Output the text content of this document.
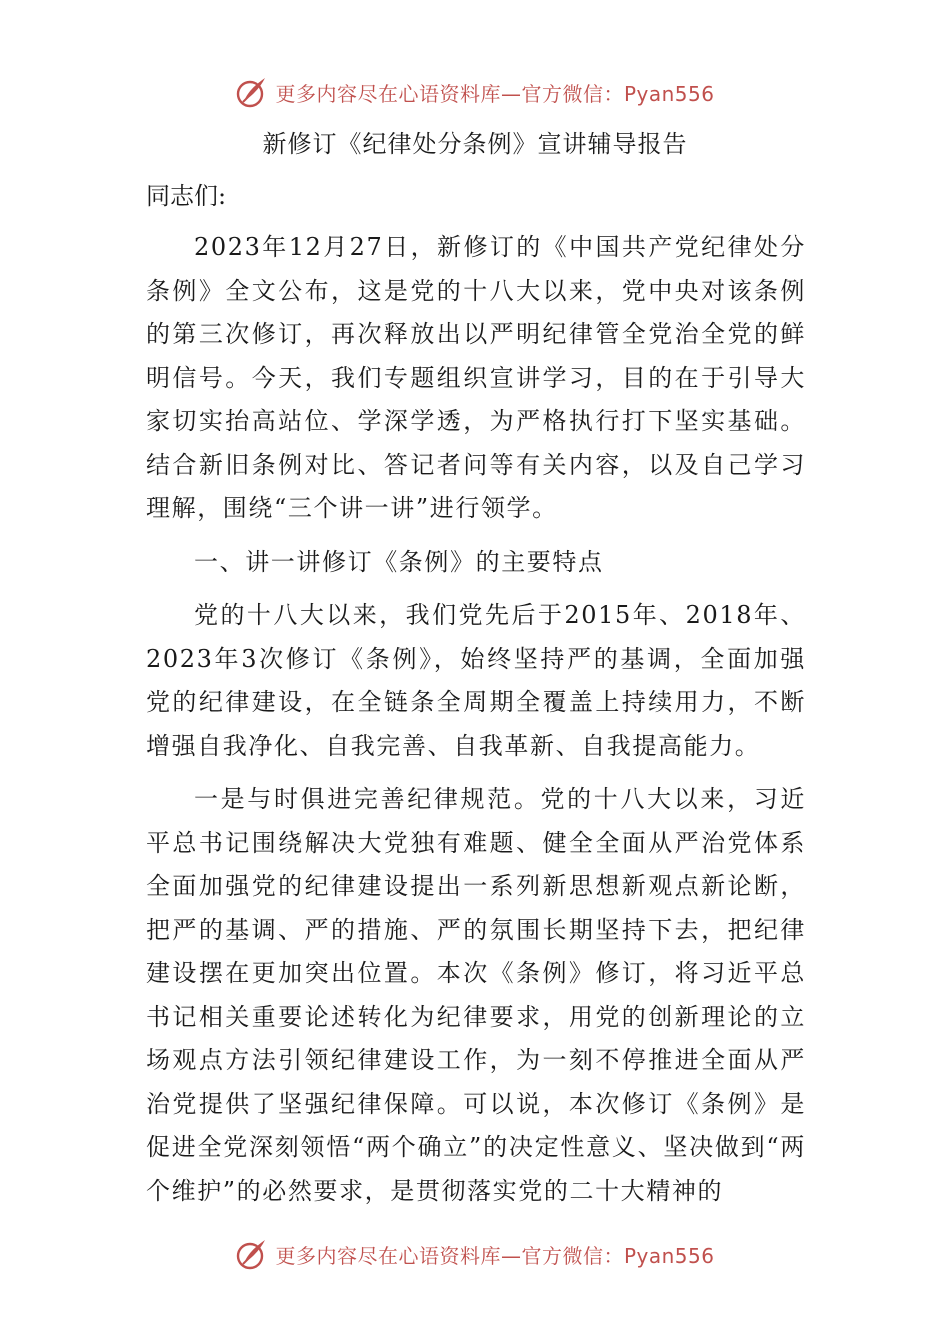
更多内容尽在心语资料库—官方微信：Pyan556
新修订《纪律处分条例》宣讲辅导报告

同志们:

2023年12月27日，新修订的《中国共产党纪律处分条例》全文公布，这是党的十八大以来，党中央对该条例的第三次修订，再次释放出以严明纪律管全党治全党的鲜明信号。今天，我们专题组织宣讲学习，目的在于引导大家切实抬高站位、学深学透，为严格执行打下坚实基础。结合新旧条例对比、答记者问等有关内容，以及自己学习理解，围绕“三个讲一讲”进行领学。

一、讲一讲修订《条例》的主要特点

党的十八大以来，我们党先后于2015年、2018年、2023年3次修订《条例》，始终坚持严的基调，全面加强党的纪律建设，在全链条全周期全覆盖上持续用力，不断增强自我净化、自我完善、自我革新、自我提高能力。

一是与时俱进完善纪律规范。党的十八大以来，习近平总书记围绕解决大党独有难题、健全全面从严治党体系全面加强党的纪律建设提出一系列新思想新观点新论断，把严的基调、严的措施、严的氛围长期坚持下去，把纪律建设摆在更加突出位置。本次《条例》修订，将习近平总书记相关重要论述转化为纪律要求，用党的创新理论的立场观点方法引领纪律建设工作，为一刻不停推进全面从严治党提供了坚强纪律保障。可以说，本次修订《条例》是促进全党深刻领悟“两个确立”的决定性意义、坚决做到“两个维护”的必然要求，是贯彻落实党的二十大精神的

更多内容尽在心语资料库—官方微信：Pyan556
